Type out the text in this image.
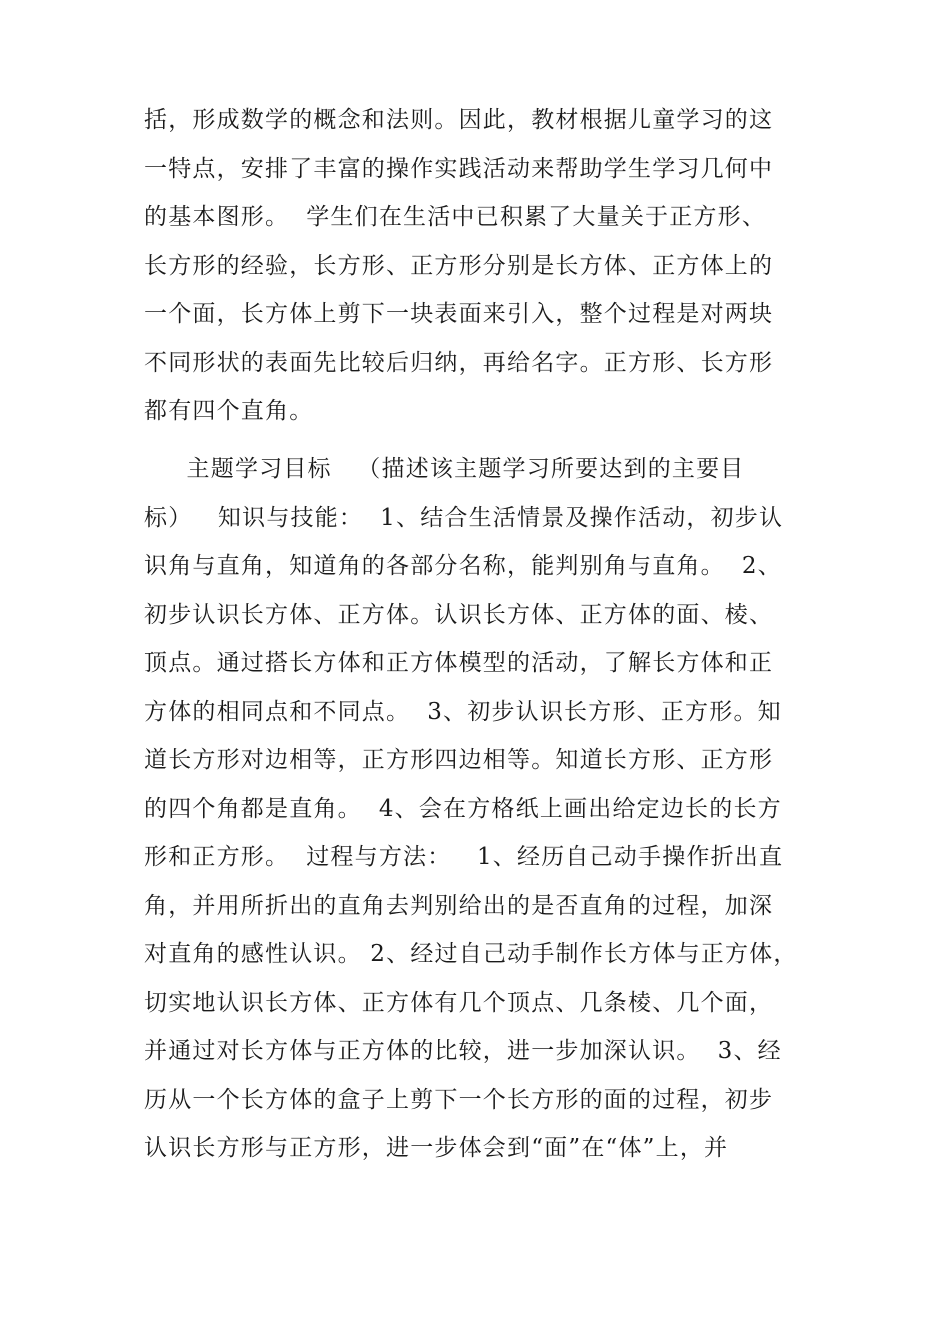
括，形成数学的概念和法则。因此，教材根据儿童学习的这
一特点，安排了丰富的操作实践活动来帮助学生学习几何中
的基本图形。  学生们在生活中已积累了大量关于正方形、
长方形的经验，长方形、正方形分别是长方体、正方体上的
一个面，长方体上剪下一块表面来引入，整个过程是对两块
不同形状的表面先比较后归纳，再给名字。正方形、长方形
都有四个直角。
主题学习目标   （描述该主题学习所要达到的主要目
标）   知识与技能：  1、结合生活情景及操作活动，初步认
识角与直角，知道角的各部分名称，能判别角与直角。  2、
初步认识长方体、正方体。认识长方体、正方体的面、棱、
顶点。通过搭长方体和正方体模型的活动，了解长方体和正
方体的相同点和不同点。  3、初步认识长方形、正方形。知
道长方形对边相等，正方形四边相等。知道长方形、正方形
的四个角都是直角。  4、会在方格纸上画出给定边长的长方
形和正方形。  过程与方法：   1、经历自己动手操作折出直
角，并用所折出的直角去判别给出的是否直角的过程，加深
对直角的感性认识。 2、经过自己动手制作长方体与正方体，
切实地认识长方体、正方体有几个顶点、几条棱、几个面，
并通过对长方体与正方体的比较，进一步加深认识。  3、经
历从一个长方体的盒子上剪下一个长方形的面的过程，初步
认识长方形与正方形，进一步体会到“面”在“体”上，并
